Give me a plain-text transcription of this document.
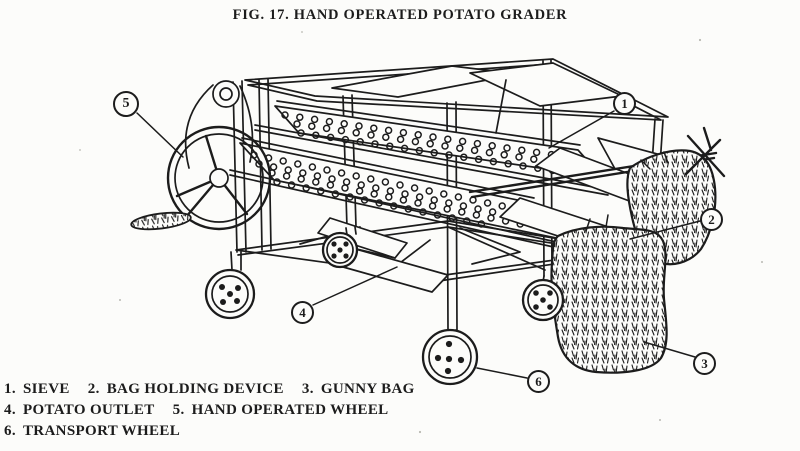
FIG. 17. HAND OPERATED POTATO GRADER
1
2
3
4
5
6
1. SIEVE 2. BAG HOLDING DEVICE 3. GUNNY BAG
4. POTATO OUTLET 5. HAND OPERATED WHEEL
6. TRANSPORT WHEEL
